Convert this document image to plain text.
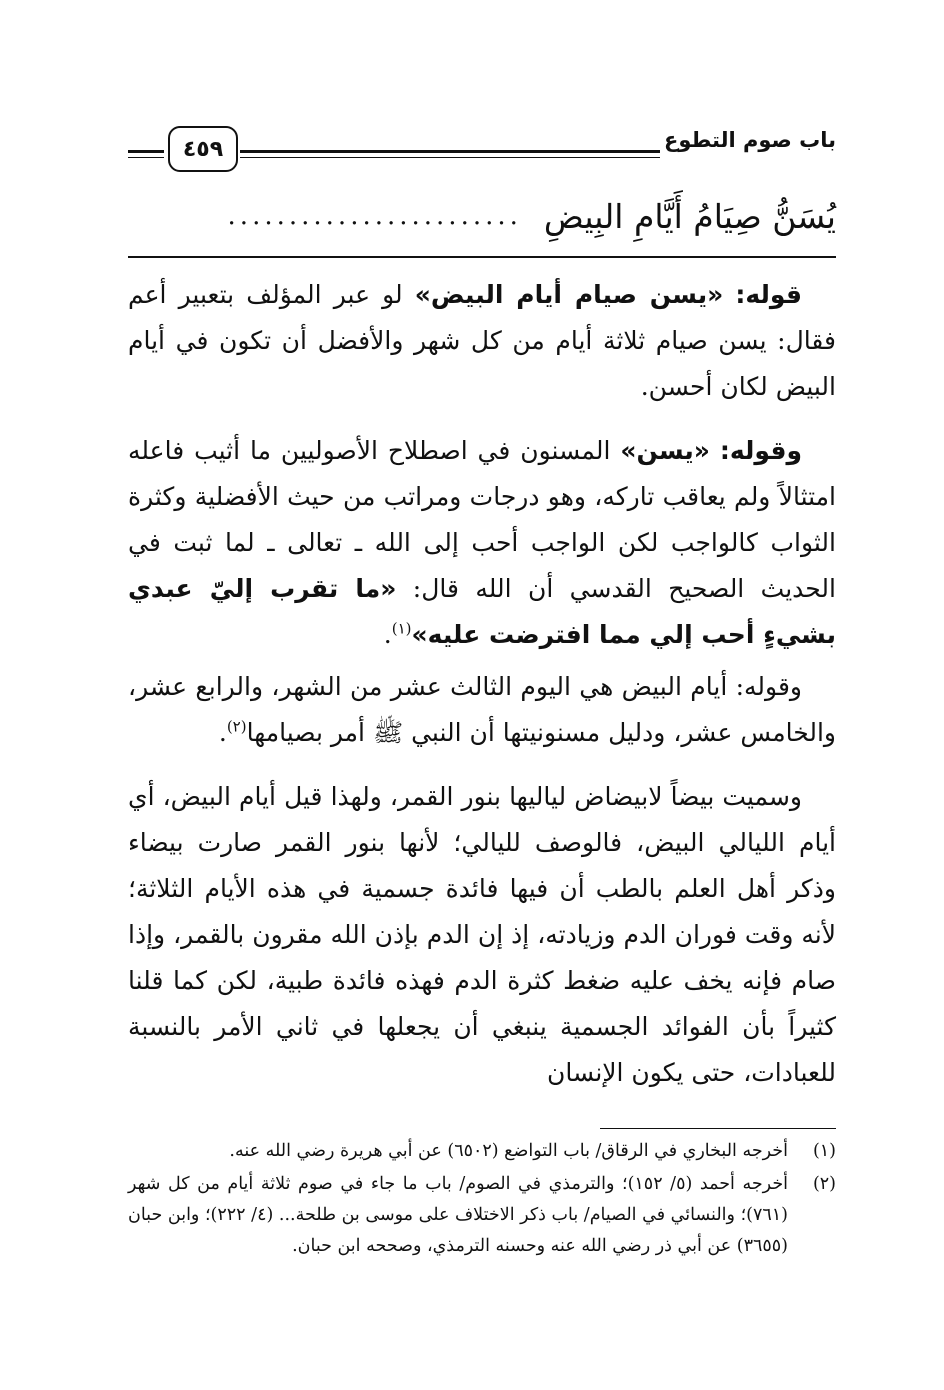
باب صوم التطوع
٤٥٩
يُسَنُّ صِيَامُ أَيَّامِ البِيضِ
........................

قوله: «يسن صيام أيام البيض» لو عبر المؤلف بتعبير أعم فقال: يسن صيام ثلاثة أيام من كل شهر والأفضل أن تكون في أيام البيض لكان أحسن.

وقوله: «يسن» المسنون في اصطلاح الأصوليين ما أثيب فاعله امتثالاً ولم يعاقب تاركه، وهو درجات ومراتب من حيث الأفضلية وكثرة الثواب كالواجب لكن الواجب أحب إلى الله ـ تعالى ـ لما ثبت في الحديث الصحيح القدسي أن الله قال: «ما تقرب إليّ عبدي بشيءٍ أحب إلي مما افترضت عليه»$^{(١)}$.

وقوله: أيام البيض هي اليوم الثالث عشر من الشهر، والرابع عشر، والخامس عشر، ودليل مسنونيتها أن النبي ﷺ أمر بصيامها$^{(٢)}$.

وسميت بيضاً لابيضاض لياليها بنور القمر، ولهذا قيل أيام البيض، أي أيام الليالي البيض، فالوصف لليالي؛ لأنها بنور القمر صارت بيضاء وذكر أهل العلم بالطب أن فيها فائدة جسمية في هذه الأيام الثلاثة؛ لأنه وقت فوران الدم وزيادته، إذ إن الدم بإذن الله مقرون بالقمر، وإذا صام فإنه يخف عليه ضغط كثرة الدم فهذه فائدة طبية، لكن كما قلنا كثيراً بأن الفوائد الجسمية ينبغي أن يجعلها في ثاني الأمر بالنسبة للعبادات، حتى يكون الإنسان

(١)
أخرجه البخاري في الرقاق/ باب التواضع (٦٥٠٢) عن أبي هريرة رضي الله عنه.
(٢)
أخرجه أحمد (٥/ ١٥٢)؛ والترمذي في الصوم/ باب ما جاء في صوم ثلاثة أيام من كل شهر (٧٦١)؛ والنسائي في الصيام/ باب ذكر الاختلاف على موسى بن طلحة... (٤/ ٢٢٢)؛ وابن حبان (٣٦٥٥) عن أبي ذر رضي الله عنه وحسنه الترمذي، وصححه ابن حبان.
